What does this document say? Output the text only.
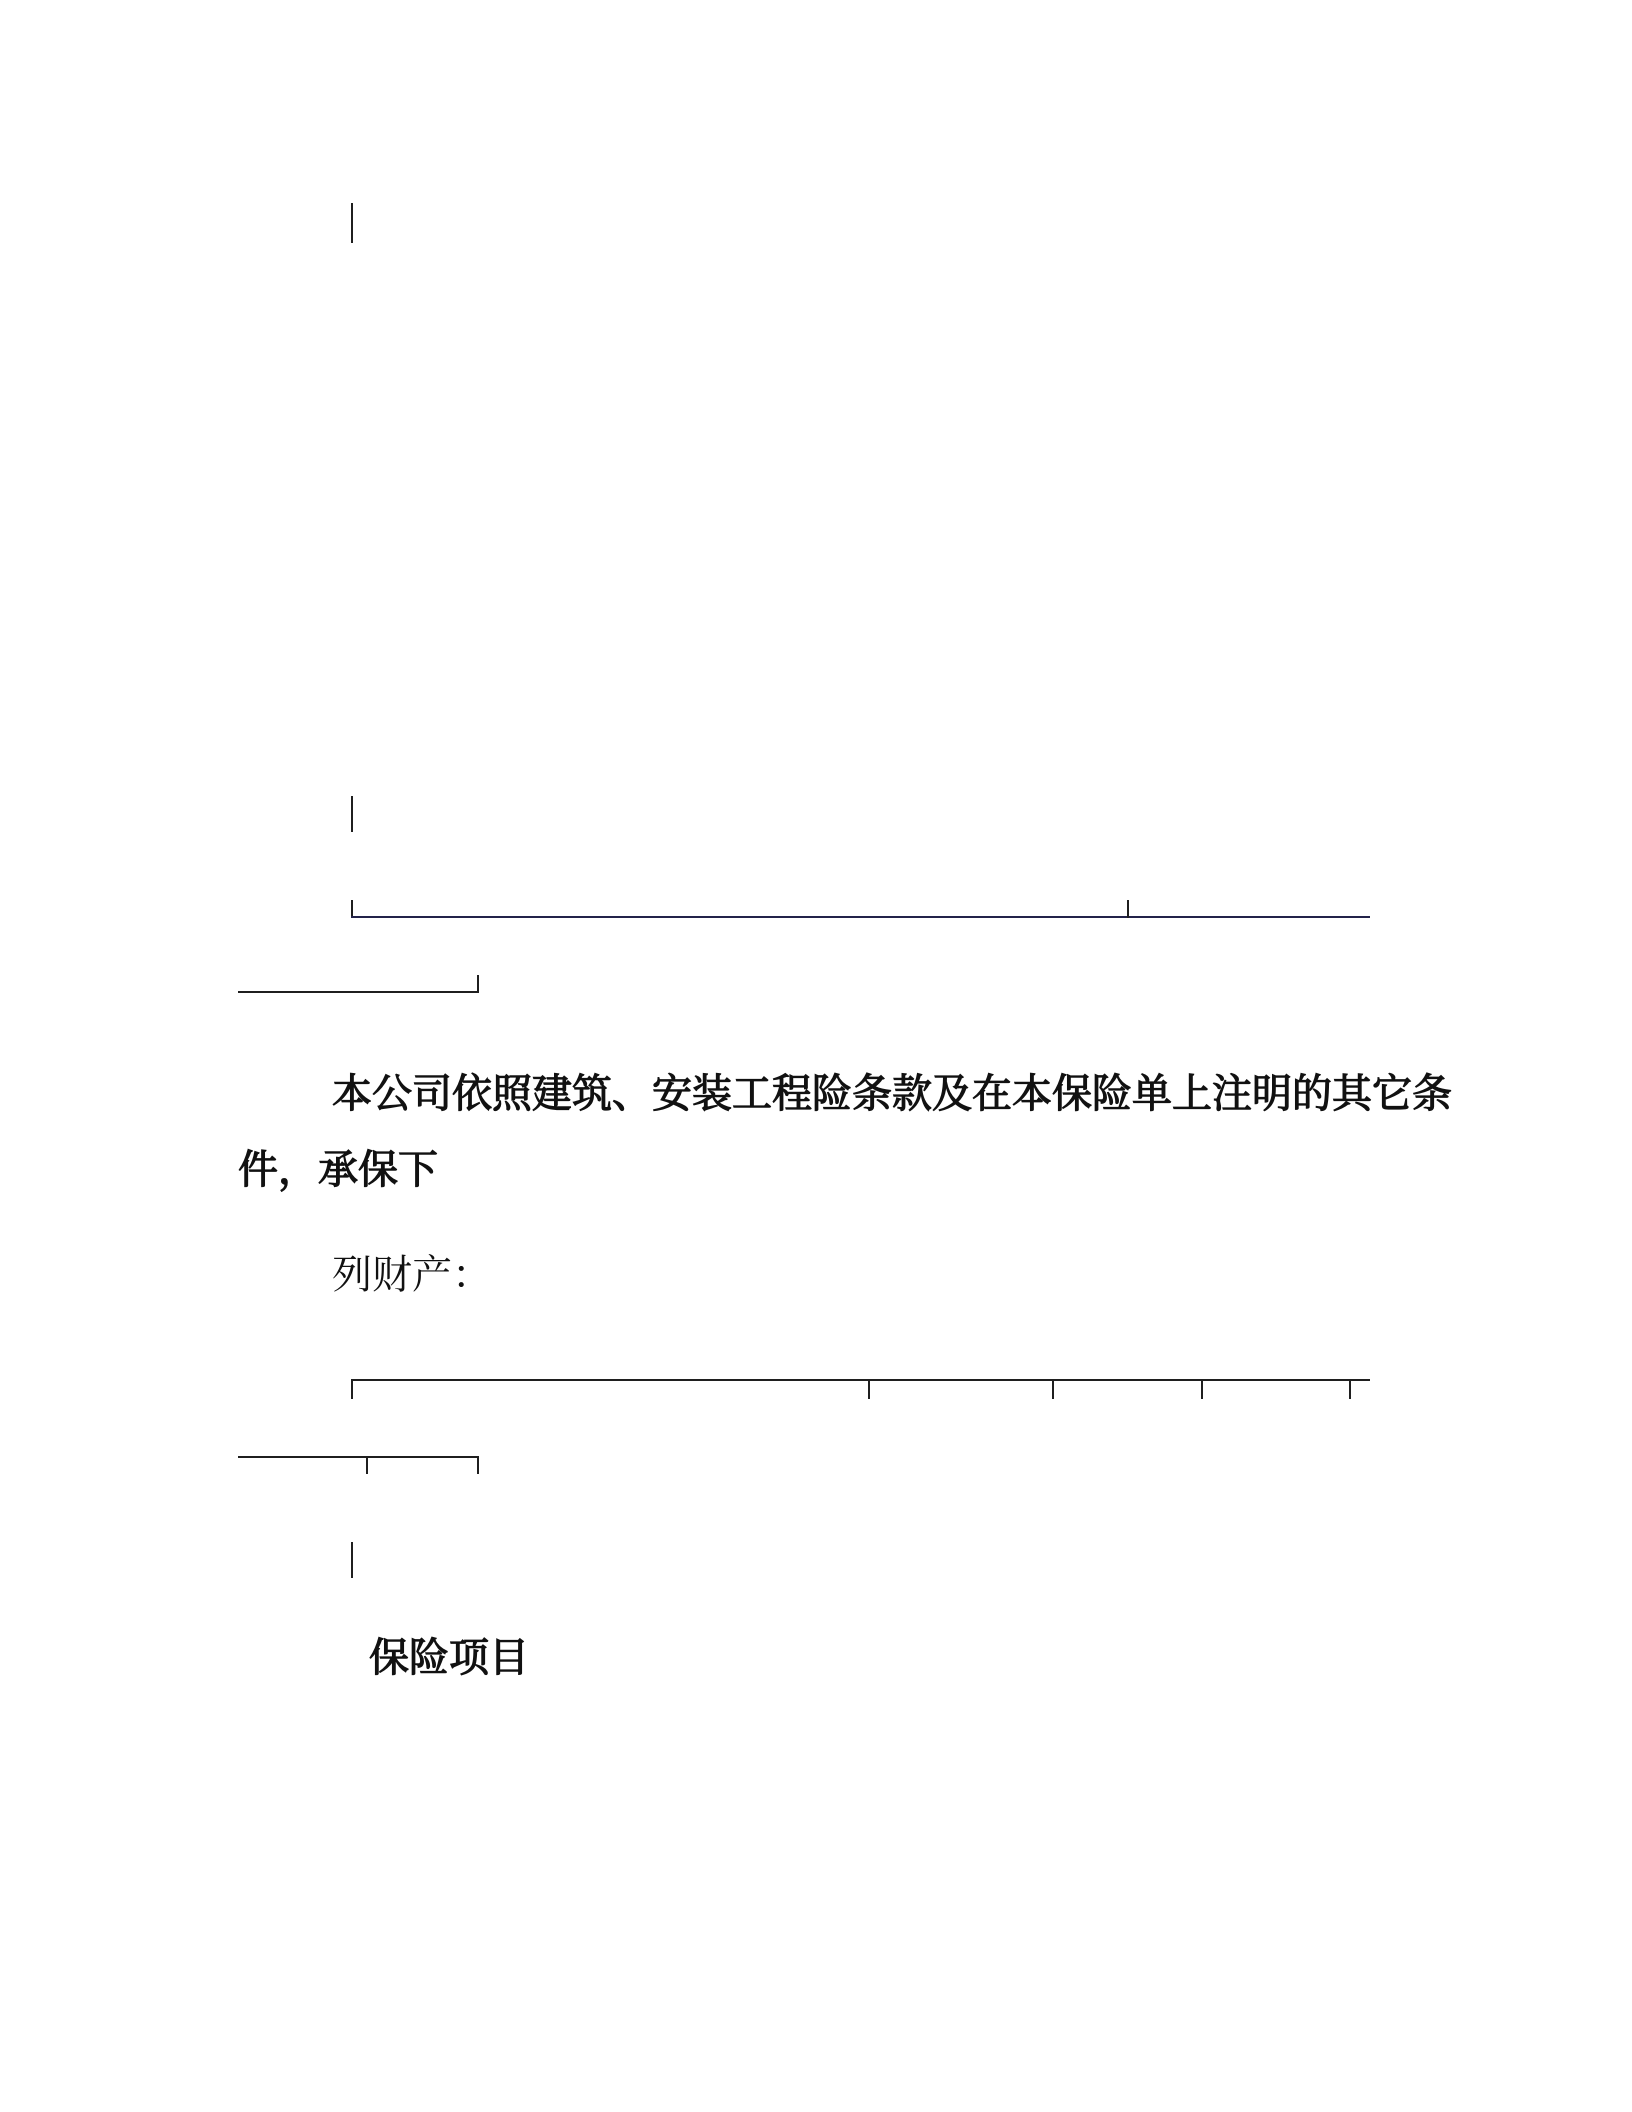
本公司依照建筑、安装工程险条款及在本保险单上注明的其它条
件，承保下
列财产：
保险项目
